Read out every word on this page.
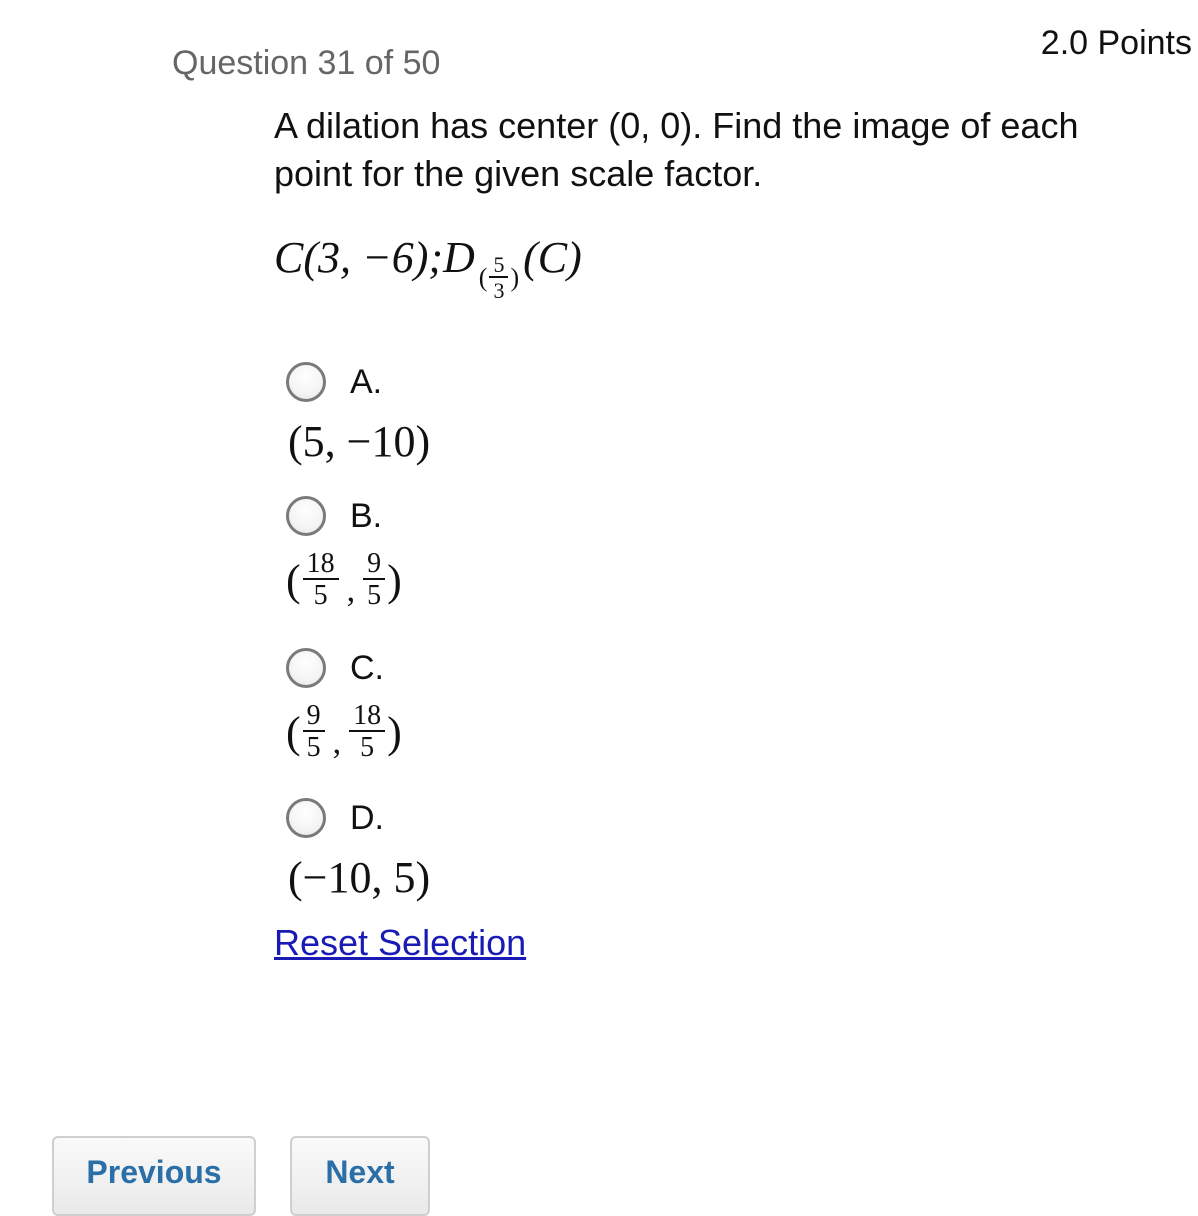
Question 31 of 50
2.0 Points
A dilation has center (0, 0). Find the image of each point for the given scale factor.
C(3, −6); D ( $\frac{5}{3}$ ) (C)
A.
(5, −10)
B.
( $\frac{18}{5}$ , $\frac{9}{5}$ )
C.
( $\frac{9}{5}$ , $\frac{18}{5}$ )
D.
(−10, 5)
Reset Selection
Previous	Next
